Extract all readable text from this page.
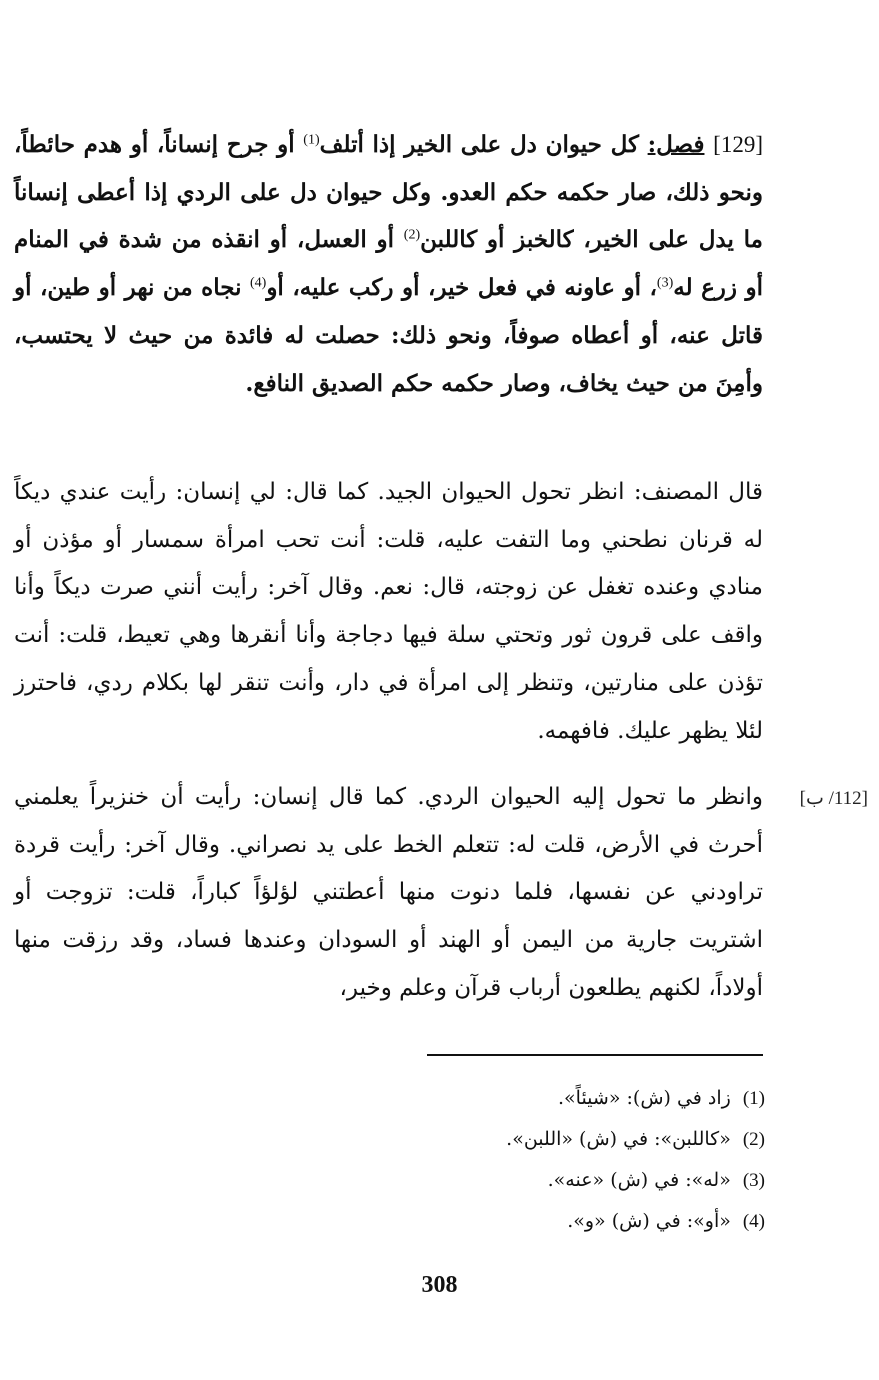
[129] فصل: كل حيوان دل على الخير إذا أتلف$^{(1)}$ أو جرح إنساناً، أو هدم حائطاً، ونحو ذلك، صار حكمه حكم العدو. وكل حيوان دل على الردي إذا أعطى إنساناً ما يدل على الخير، كالخبز أو كاللبن$^{(2)}$ أو العسل، أو انقذه من شدة في المنام أو زرع له$^{(3)}$، أو عاونه في فعل خير، أو ركب عليه، أو$^{(4)}$ نجاه من نهر أو طين، أو قاتل عنه، أو أعطاه صوفاً، ونحو ذلك: حصلت له فائدة من حيث لا يحتسب، وأمِنَ من حيث يخاف، وصار حكمه حكم الصديق النافع.

قال المصنف: انظر تحول الحيوان الجيد. كما قال: لي إنسان: رأيت عندي ديكاً له قرنان نطحني وما التفت عليه، قلت: أنت تحب امرأة سمسار أو مؤذن أو منادي وعنده تغفل عن زوجته، قال: نعم. وقال آخر: رأيت أنني صرت ديكاً وأنا واقف على قرون ثور وتحتي سلة فيها دجاجة وأنا أنقرها وهي تعيط، قلت: أنت تؤذن على منارتين، وتنظر إلى امرأة في دار، وأنت تنقر لها بكلام ردي، فاحترز لئلا يظهر عليك. فافهمه.

[112/ ب]

وانظر ما تحول إليه الحيوان الردي. كما قال إنسان: رأيت أن خنزيراً يعلمني أحرث في الأرض، قلت له: تتعلم الخط على يد نصراني. وقال آخر: رأيت قردة تراودني عن نفسها، فلما دنوت منها أعطتني لؤلؤاً كباراً، قلت: تزوجت أو اشتريت جارية من اليمن أو الهند أو السودان وعندها فساد، وقد رزقت منها أولاداً، لكنهم يطلعون أرباب قرآن وعلم وخير،

(1)زاد في (ش): «شيئاً».
(2)«كاللبن»: في (ش) «اللبن».
(3)«له»: في (ش) «عنه».
(4)«أو»: في (ش) «و».
308
